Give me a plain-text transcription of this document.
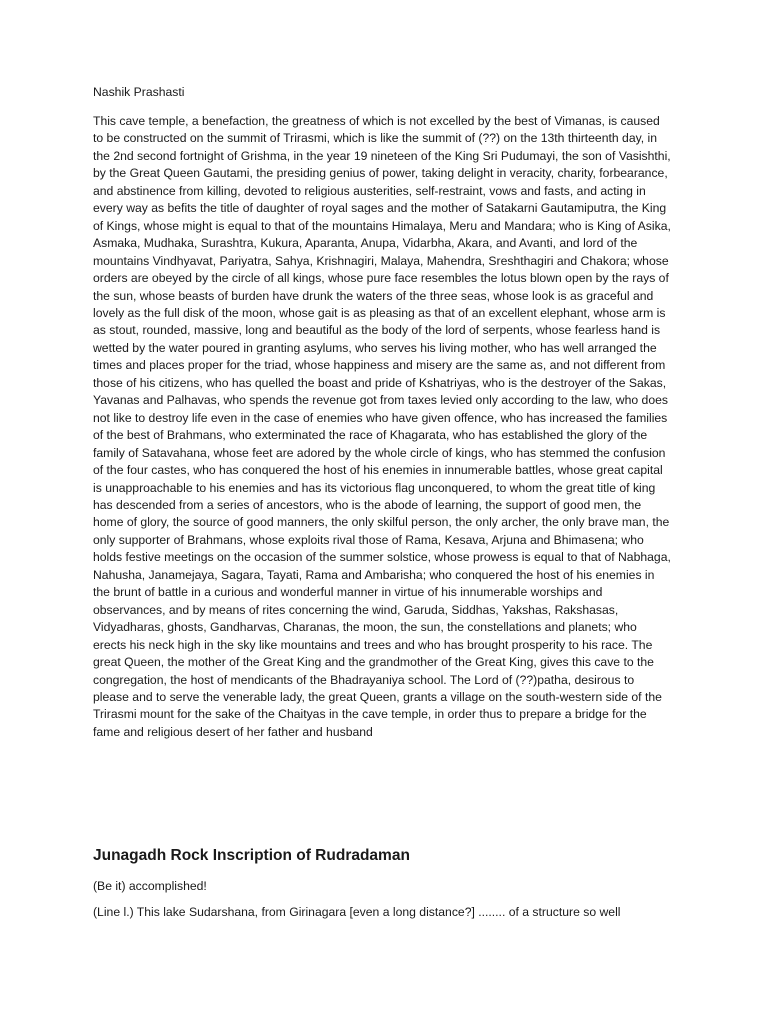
Nashik Prashasti

This cave temple, a benefaction, the greatness of which is not excelled by the best of Vimanas, is caused to be constructed on the summit of Trirasmi, which is like the summit of (??) on the 13th thirteenth day, in the 2nd second fortnight of Grishma, in the year 19 nineteen of the King Sri Pudumayi, the son of Vasishthi, by the Great Queen Gautami, the presiding genius of power, taking delight in veracity, charity, forbearance, and abstinence from killing, devoted to religious austerities, self-restraint, vows and fasts, and acting in every way as befits the title of daughter of royal sages and the mother of Satakarni Gautamiputra, the King of Kings, whose might is equal to that of the mountains Himalaya, Meru and Mandara; who is King of Asika, Asmaka, Mudhaka, Surashtra, Kukura, Aparanta, Anupa, Vidarbha, Akara, and Avanti, and lord of the mountains Vindhyavat, Pariyatra, Sahya, Krishnagiri, Malaya, Mahendra, Sreshthagiri and Chakora; whose orders are obeyed by the circle of all kings, whose pure face resembles the lotus blown open by the rays of the sun, whose beasts of burden have drunk the waters of the three seas, whose look is as graceful and lovely as the full disk of the moon, whose gait is as pleasing as that of an excellent elephant, whose arm is as stout, rounded, massive, long and beautiful as the body of the lord of serpents, whose fearless hand is wetted by the water poured in granting asylums, who serves his living mother, who has well arranged the times and places proper for the triad, whose happiness and misery are the same as, and not different from those of his citizens, who has quelled the boast and pride of Kshatriyas, who is the destroyer of the Sakas, Yavanas and Palhavas, who spends the revenue got from taxes levied only according to the law, who does not like to destroy life even in the case of enemies who have given offence, who has increased the families of the best of Brahmans, who exterminated the race of Khagarata, who has established the glory of the family of Satavahana, whose feet are adored by the whole circle of kings, who has stemmed the confusion of the four castes, who has conquered the host of his enemies in innumerable battles, whose great capital is unapproachable to his enemies and has its victorious flag unconquered, to whom the great title of king has descended from a series of ancestors, who is the abode of learning, the support of good men, the home of glory, the source of good manners, the only skilful person, the only archer, the only brave man, the only supporter of Brahmans, whose exploits rival those of Rama, Kesava, Arjuna and Bhimasena; who holds festive meetings on the occasion of the summer solstice, whose prowess is equal to that of Nabhaga, Nahusha, Janamejaya, Sagara, Tayati, Rama and Ambarisha; who conquered the host of his enemies in the brunt of battle in a curious and wonderful manner in virtue of his innumerable worships and observances, and by means of rites concerning the wind, Garuda, Siddhas, Yakshas, Rakshasas, Vidyadharas, ghosts, Gandharvas, Charanas, the moon, the sun, the constellations and planets; who erects his neck high in the sky like mountains and trees and who has brought prosperity to his race. The great Queen, the mother of the Great King and the grandmother of the Great King, gives this cave to the congregation, the host of mendicants of the Bhadrayaniya school. The Lord of (??)patha, desirous to please and to serve the venerable lady, the great Queen, grants a village on the south-western side of the Trirasmi mount for the sake of the Chaityas in the cave temple, in order thus to prepare a bridge for the fame and religious desert of her father and husband

Junagadh Rock Inscription of Rudradaman

(Be it) accomplished!

(Line l.) This lake Sudarshana, from Girinagara [even a long distance?] ........ of a structure so well
